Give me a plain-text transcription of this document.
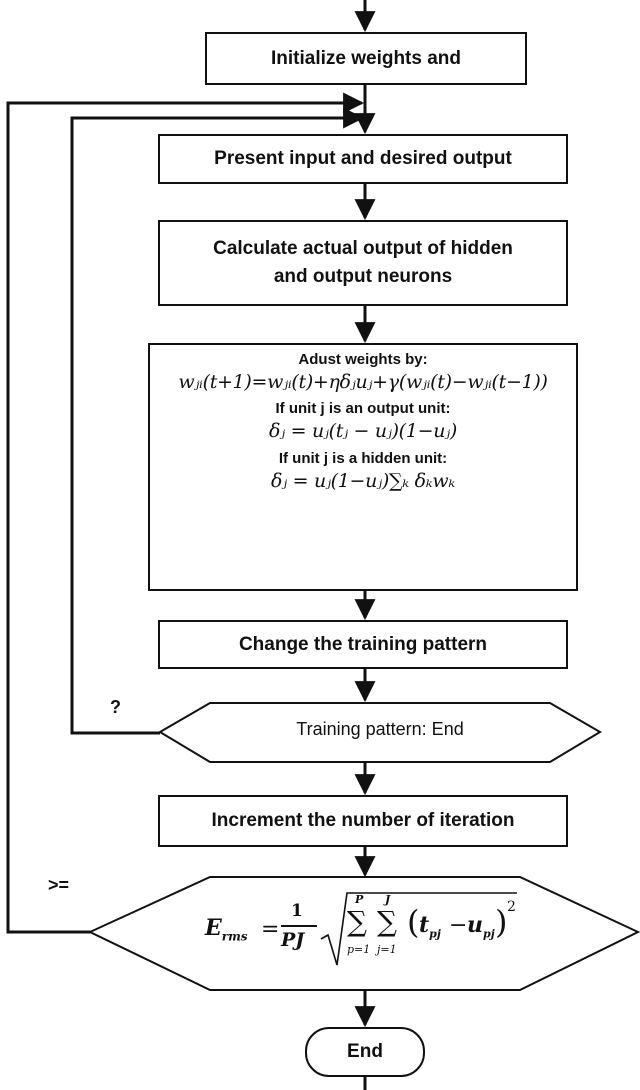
Initialize weights and
Present input and desired output
Calculate actual output of hidden
and output neurons
Adust weights by:
wⱼᵢ(t+1)=wⱼᵢ(t)+ηδⱼuⱼ+γ(wⱼᵢ(t)−wⱼᵢ(t−1))
If unit j is an output unit:
δⱼ = uⱼ(tⱼ − uⱼ)(1−uⱼ)
If unit j is a hidden unit:
δⱼ = uⱼ(1−uⱼ)∑ₖ δₖwₖ
Change the training pattern
Training pattern: End
?
Increment the number of iteration
>=
$E_{rms}$ =
1
PJ
P
∑
p=1
J
∑
j=1
( $t_{pj} - u_{pj}$ ) 2
End
